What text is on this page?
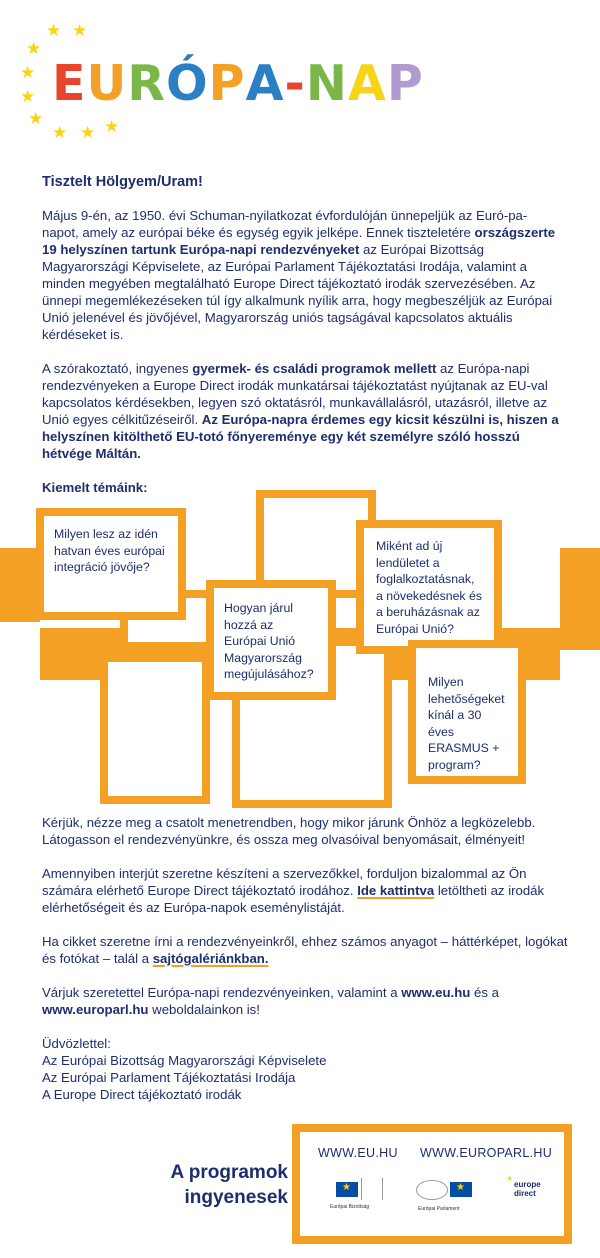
★ ★
★
★
★
★
★ ★ ★
EURÓPA-NAP
Tisztelt Hölgyem/Uram!

Május 9-én, az 1950. évi Schuman-nyilatkozat évfordulóján ünnepeljük az Euró-pa-napot, amely az európai béke és egység egyik jelképe. Ennek tiszteletére országszerte 19 helyszínen tartunk Európa-napi rendezvényeket az Európai Bizottság Magyarországi Képviselete, az Európai Parlament Tájékoztatási Irodája, valamint a minden megyében megtalálható Europe Direct tájékoztató irodák szervezésében. Az ünnepi megemlékezéseken túl így alkalmunk nyílik arra, hogy megbeszéljük az Európai Unió jelenével és jövőjével, Magyarország uniós tagságával kapcsolatos aktuális kérdéseket is.

A szórakoztató, ingyenes gyermek- és családi programok mellett az Európa-napi rendezvényeken a Europe Direct irodák munkatársai tájékoztatást nyújtanak az EU-val kapcsolatos kérdésekben, legyen szó oktatásról, munkavállalásról, utazásról, illetve az Unió egyes célkitűzéseiről. Az Európa-napra érdemes egy kicsit készülni is, hiszen a helyszínen kitölthető EU-totó főnyereménye egy két személyre szóló hosszú hétvége Máltán.

Kiemelt témáink:
Milyen lesz az idén hatvan éves európai integráció jövője?
Hogyan járul hozzá az Európai Unió Magyarország megújulásához?
Miként ad új lendületet a foglalkoztatásnak, a növekedésnek és a beruházásnak az Európai Unió?
Milyen lehetőségeket kínál a 30 éves ERASMUS + program?

Kérjük, nézze meg a csatolt menetrendben, hogy mikor járunk Önhöz a legközelebb. Látogasson el rendezvényünkre, és ossza meg olvasóival benyomásait, élményeit!

Amennyiben interjút szeretne készíteni a szervezőkkel, forduljon bizalommal az Ön számára elérhető Europe Direct tájékoztató irodához. Ide kattintva letöltheti az irodák elérhetőségeit és az Európa-napok eseménylistáját.

Ha cikket szeretne írni a rendezvényeinkről, ehhez számos anyagot – háttérképet, logókat és fotókat – talál a sajtógalériánkban.

Várjuk szeretettel Európa-napi rendezvényeinken, valamint a www.eu.hu és a www.europarl.hu weboldalainkon is!

Üdvözlettel:
Az Európai Bizottság Magyarországi Képviselete
Az Európai Parlament Tájékoztatási Irodája
A Europe Direct tájékoztató irodák
A programok
ingyenesek
WWW.EU.HU WWW.EUROPARL.HU
★
Európai Bizottság
★	Európai Parlament
★
europe
direct
